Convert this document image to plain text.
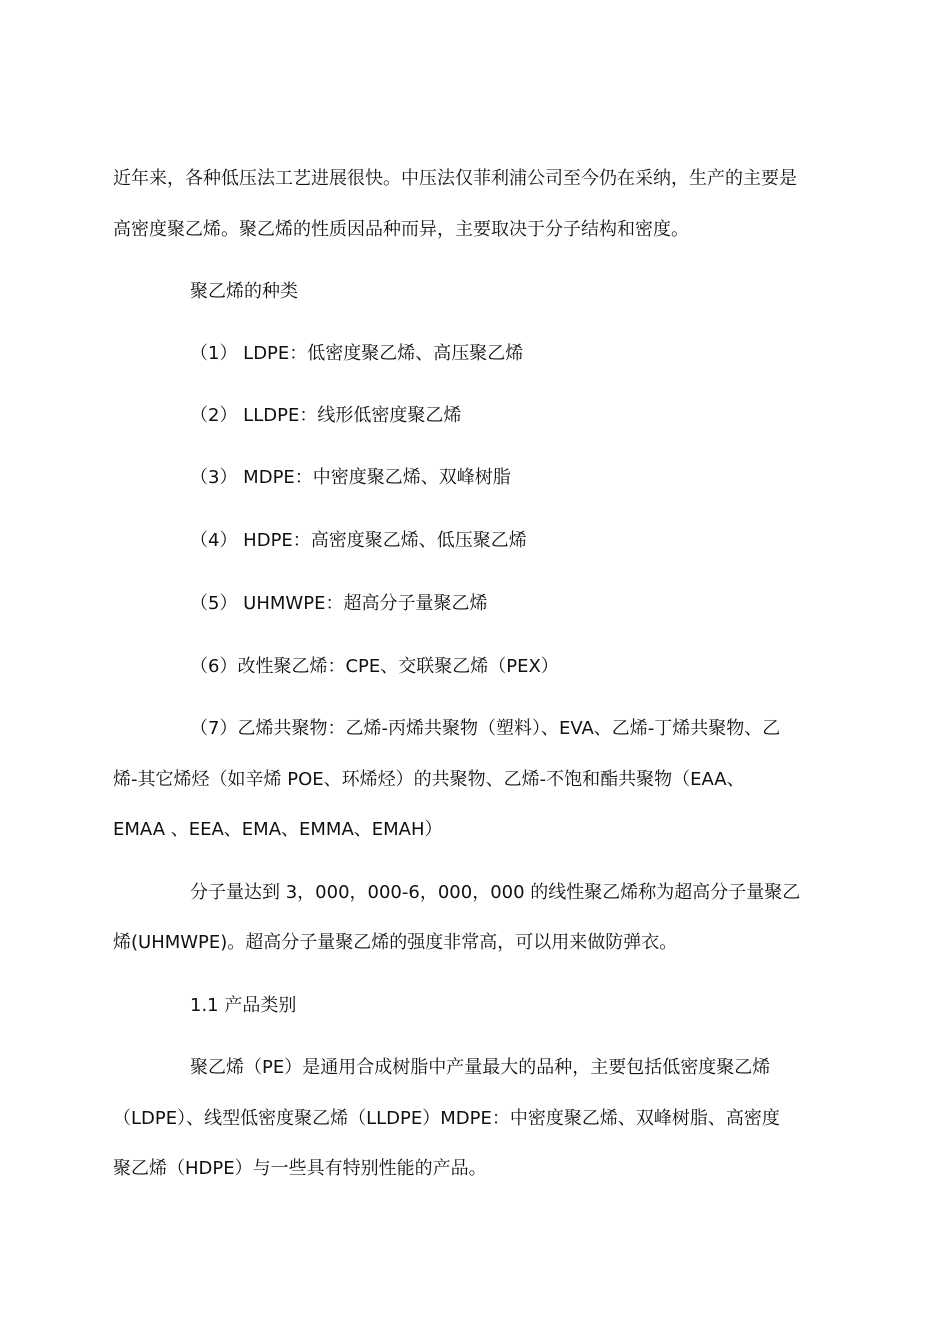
近年来，各种低压法工艺进展很快。中压法仅菲利浦公司至今仍在采纳，生产的主要是
高密度聚乙烯。聚乙烯的性质因品种而异，主要取决于分子结构和密度。
聚乙烯的种类
（1） LDPE：低密度聚乙烯、高压聚乙烯
（2） LLDPE：线形低密度聚乙烯
（3） MDPE：中密度聚乙烯、双峰树脂
（4） HDPE：高密度聚乙烯、低压聚乙烯
（5） UHMWPE：超高分子量聚乙烯
（6）改性聚乙烯：CPE、交联聚乙烯（PEX）
（7）乙烯共聚物：乙烯-丙烯共聚物（塑料）、EVA、乙烯-丁烯共聚物、乙
烯-其它烯烃（如辛烯 POE、环烯烃）的共聚物、乙烯-不饱和酯共聚物（EAA、
EMAA 、EEA、EMA、EMMA、EMAH）
分子量达到 3，000，000-6，000，000 的线性聚乙烯称为超高分子量聚乙
烯(UHMWPE)。超高分子量聚乙烯的强度非常高，可以用来做防弹衣。
1.1 产品类别
聚乙烯（PE）是通用合成树脂中产量最大的品种，主要包括低密度聚乙烯
（LDPE）、线型低密度聚乙烯（LLDPE）MDPE：中密度聚乙烯、双峰树脂、高密度
聚乙烯（HDPE）与一些具有特别性能的产品。
